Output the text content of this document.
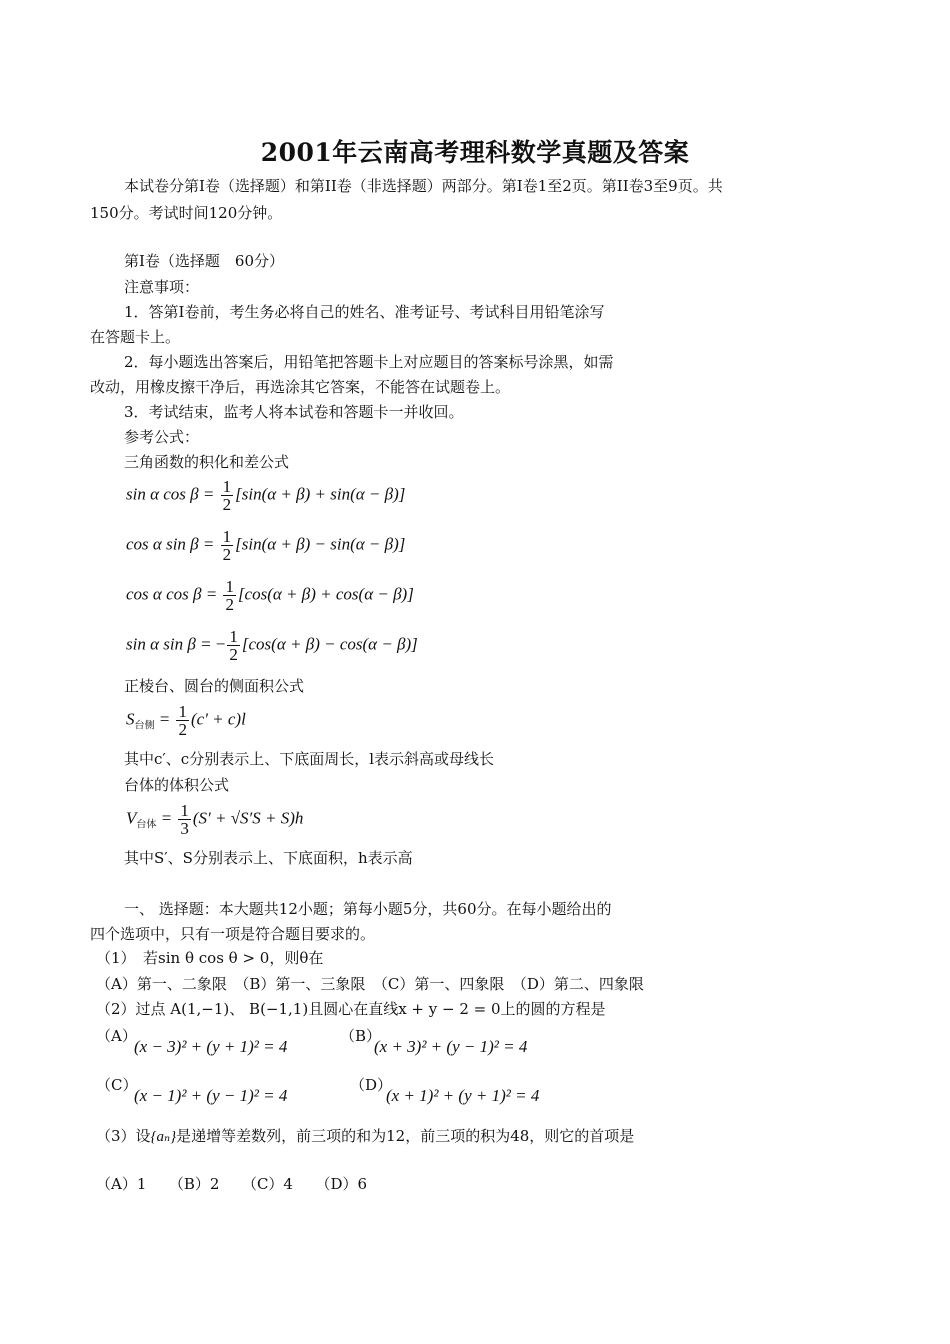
2001年云南高考理科数学真题及答案
本试卷分第Ⅰ卷（选择题）和第II卷（非选择题）两部分。第Ⅰ卷1至2页。第II卷3至9页。共
150分。考试时间120分钟。
第Ⅰ卷（选择题　60分）
注意事项：
1．答第Ⅰ卷前，考生务必将自己的姓名、准考证号、考试科目用铅笔涂写
在答题卡上。
2．每小题选出答案后，用铅笔把答题卡上对应题目的答案标号涂黑，如需
改动，用橡皮擦干净后，再选涂其它答案，不能答在试题卷上。
3．考试结束，监考人将本试卷和答题卡一并收回。
参考公式：
三角函数的积化和差公式
sin α $\cos \beta = \frac{1}{2} [\sin(\alpha + \beta) + \sin(\alpha - \beta)]$
cos α $\sin \beta = \frac{1}{2} [\sin(\alpha + \beta) - \sin(\alpha - \beta)]$
cos α $\cos \beta = \frac{1}{2} [\cos(\alpha + \beta) + \cos(\alpha - \beta)]$
sin α sin β = − $\frac{1}{2} [\cos(\alpha + \beta) - \cos(\alpha - \beta)]$
正棱台、圆台的侧面积公式
$S_{台侧} = \frac{1}{2} (c' + c)l$
其中c′、c分别表示上、下底面周长，l表示斜高或母线长
台体的体积公式
$V_{台体} = \frac{1}{3} (S' + √S'S + S)h$
其中S′、S分别表示上、下底面积，h表示高
一、 选择题：本大题共12小题；第每小题5分，共60分。在每小题给出的
四个选项中，只有一项是符合题目要求的。
（1）　若sin θ cos θ > 0，则θ在
（A）第一、二象限　（B）第一、三象限　（C）第一、四象限　（D）第二、四象限
（2）过点 A(1,−1)、 B(−1,1)且圆心在直线x + y − 2 = 0上的圆的方程是
（A）
(x − 3)² + (y + 1)² = 4
（B）
(x + 3)² + (y − 1)² = 4
（C）
(x − 1)² + (y − 1)² = 4
（D）
(x + 1)² + (y + 1)² = 4
（3）设{aₙ}是递增等差数列，前三项的和为12，前三项的积为48，则它的首项是
（A）1　　（B）2　　（C）4　　（D）6
